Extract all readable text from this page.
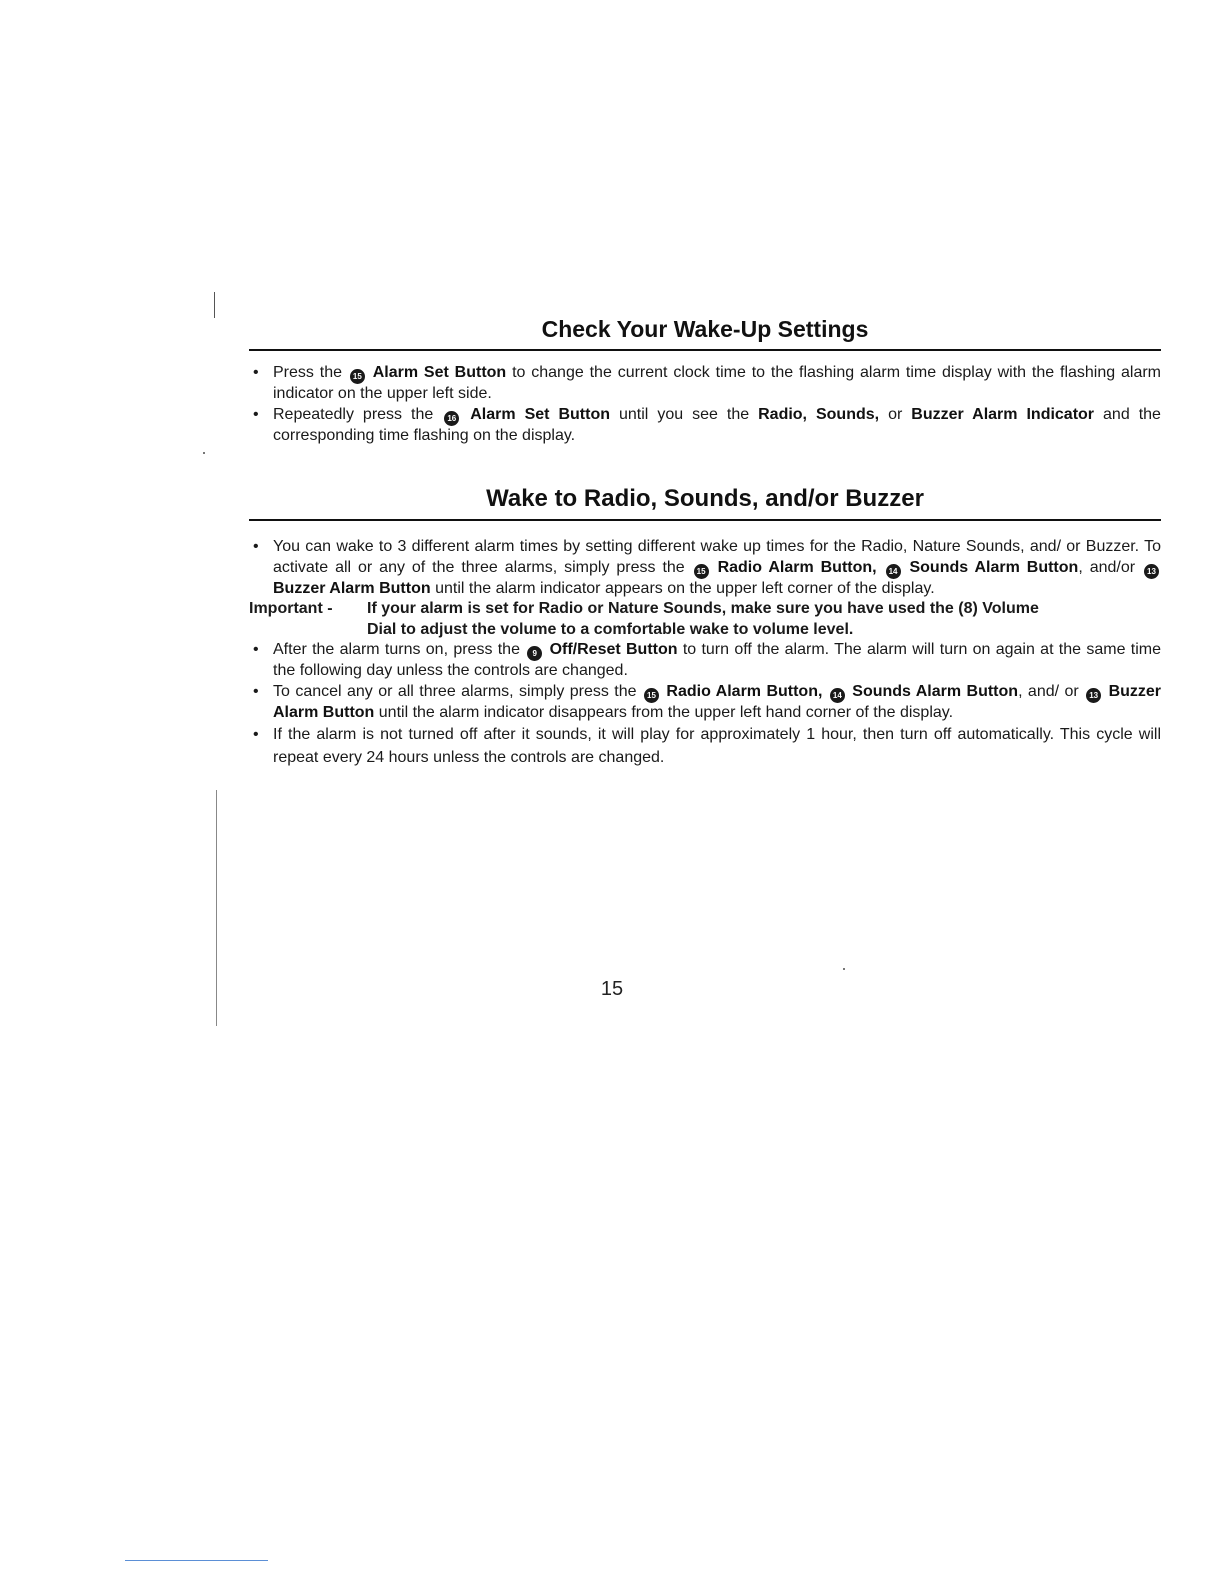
Check Your Wake-Up Settings
• Press the 15 Alarm Set Button to change the current clock time to the flashing alarm time display with the flashing alarm indicator on the upper left side.
• Repeatedly press the 16 Alarm Set Button until you see the Radio, Sounds, or Buzzer Alarm Indicator and the corresponding time flashing on the display.
Wake to Radio, Sounds, and/or Buzzer
• You can wake to 3 different alarm times by setting different wake up times for the Radio, Nature Sounds, and/ or Buzzer. To activate all or any of the three alarms, simply press the 15 Radio Alarm Button, 14 Sounds Alarm Button, and/or 13 Buzzer Alarm Button until the alarm indicator appears on the upper left corner of the display.

Important - If your alarm is set for Radio or Nature Sounds, make sure you have used the (8) Volume
Dial to adjust the volume to a comfortable wake to volume level.

• After the alarm turns on, press the 9 Off/Reset Button to turn off the alarm. The alarm will turn on again at the same time the following day unless the controls are changed.
• To cancel any or all three alarms, simply press the 15 Radio Alarm Button, 14 Sounds Alarm Button, and/ or 13 Buzzer Alarm Button until the alarm indicator disappears from the upper left hand corner of the display.
• If the alarm is not turned off after it sounds, it will play for approximately 1 hour, then turn off automatically. This cycle will repeat every 24 hours unless the controls are changed.

15
